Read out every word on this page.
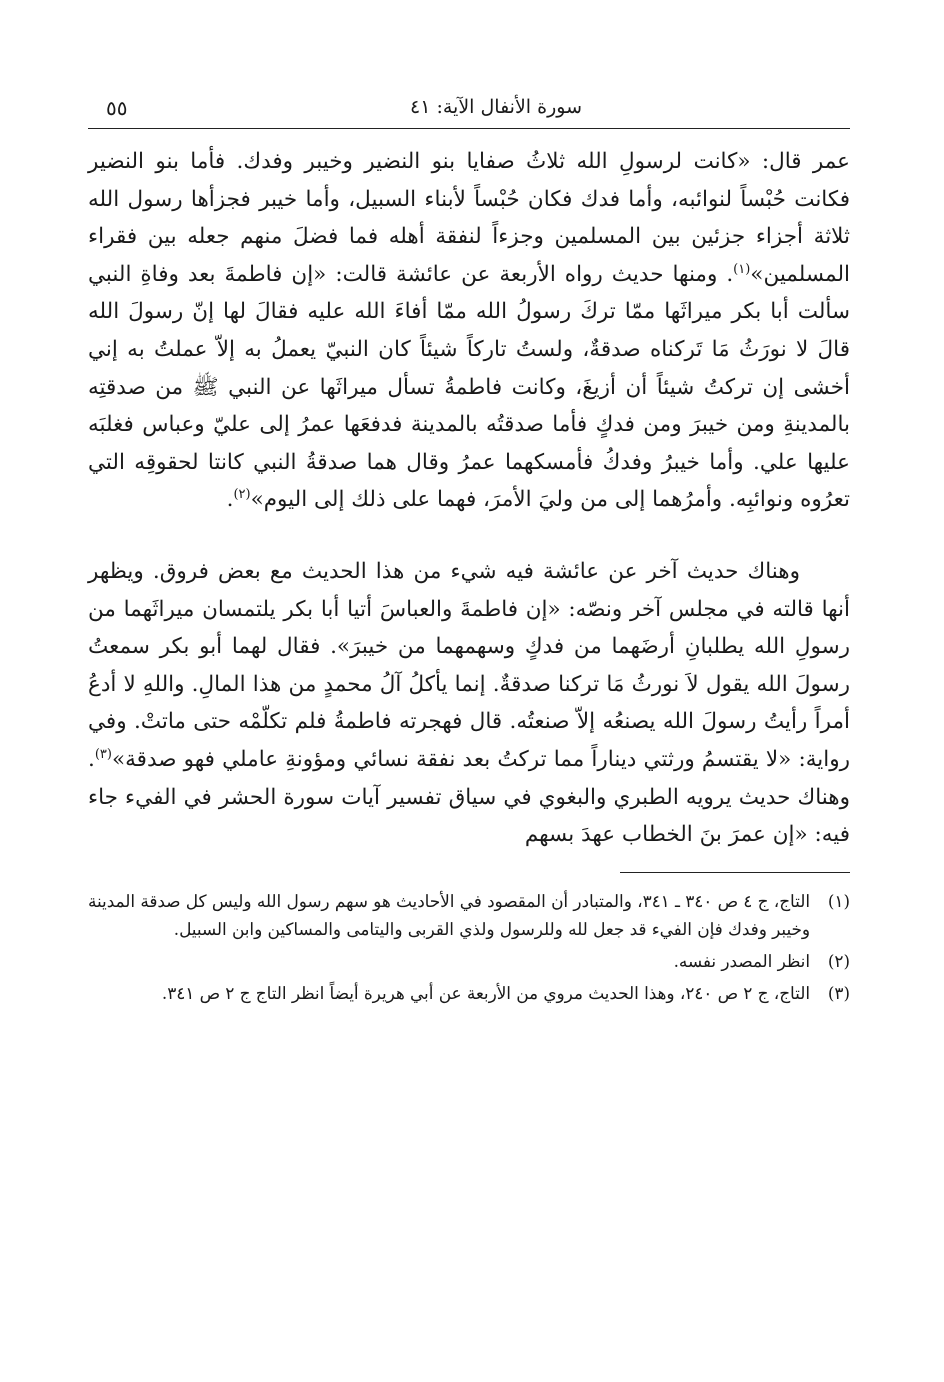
سورة الأنفال الآية: ٤١
٥٥

عمر قال: «كانت لرسولِ الله ثلاثُ صفايا بنو النضير وخيبر وفدك. فأما بنو النضير فكانت حُبْساً لنوائبه، وأما فدك فكان حُبْساً لأبناء السبيل، وأما خيبر فجزأها رسول الله ثلاثة أجزاء جزئين بين المسلمين وجزءاً لنفقة أهله فما فضلَ منهم جعله بين فقراء المسلمين»$^{(١)}$. ومنها حديث رواه الأربعة عن عائشة قالت: «إن فاطمةَ بعد وفاةِ النبي سألت أبا بكر ميراثَها ممّا تركَ رسولُ الله ممّا أفاءَ الله عليه فقالَ لها إنّ رسولَ الله قالَ لا نورَثُ مَا تَركناه صدقةٌ، ولستُ تاركاً شيئاً كان النبيّ يعملُ به إلاّ عملتُ به إني أخشى إن تركتُ شيئاً أن أزيغَ، وكانت فاطمةُ تسأل ميراثَها عن النبي ﷺ من صدقتِه بالمدينةِ ومن خيبرَ ومن فدكٍ فأما صدقتُه بالمدينة فدفعَها عمرُ إلى عليّ وعباس فغلبَه عليها علي. وأما خيبرُ وفدكُ فأمسكهما عمرُ وقال هما صدقةُ النبي كانتا لحقوقِه التي تعرُوه ونوائبِه. وأمرُهما إلى من وليَ الأمرَ، فهما على ذلك إلى اليوم»$^{(٢)}$.

وهناك حديث آخر عن عائشة فيه شيء من هذا الحديث مع بعض فروق. ويظهر أنها قالته في مجلس آخر ونصّه: «إن فاطمةَ والعباسَ أتيا أبا بكر يلتمسان ميراثَهما من رسولِ الله يطلبانِ أرضَهما من فدكٍ وسهمهما من خيبرَ». فقال لهما أبو بكر سمعتُ رسولَ الله يقول لاَ نورثُ مَا تركنا صدقةٌ. إنما يأكلُ آلُ محمدٍ من هذا المالِ. واللهِ لا أدعُ أمراً رأيتُ رسولَ الله يصنعُه إلاّ صنعتُه. قال فهجرته فاطمةُ فلم تكلّمْه حتى ماتتْ. وفي رواية: «لا يقتسمُ ورثتي ديناراً مما تركتُ بعد نفقة نسائي ومؤونةِ عاملي فهو صدقة»$^{(٣)}$. وهناك حديث يرويه الطبري والبغوي في سياق تفسير آيات سورة الحشر في الفيء جاء فيه: «إن عمرَ بنَ الخطاب عهدَ بسهم

(١)
التاج، ج ٤ ص ٣٤٠ ـ ٣٤١، والمتبادر أن المقصود في الأحاديث هو سهم رسول الله وليس كل صدقة المدينة وخيبر وفدك فإن الفيء قد جعل لله وللرسول ولذي القربى واليتامى والمساكين وابن السبيل.
(٢)
انظر المصدر نفسه.
(٣)
التاج، ج ٢ ص ٢٤٠، وهذا الحديث مروي من الأربعة عن أبي هريرة أيضاً انظر التاج ج ٢ ص ٣٤١.
